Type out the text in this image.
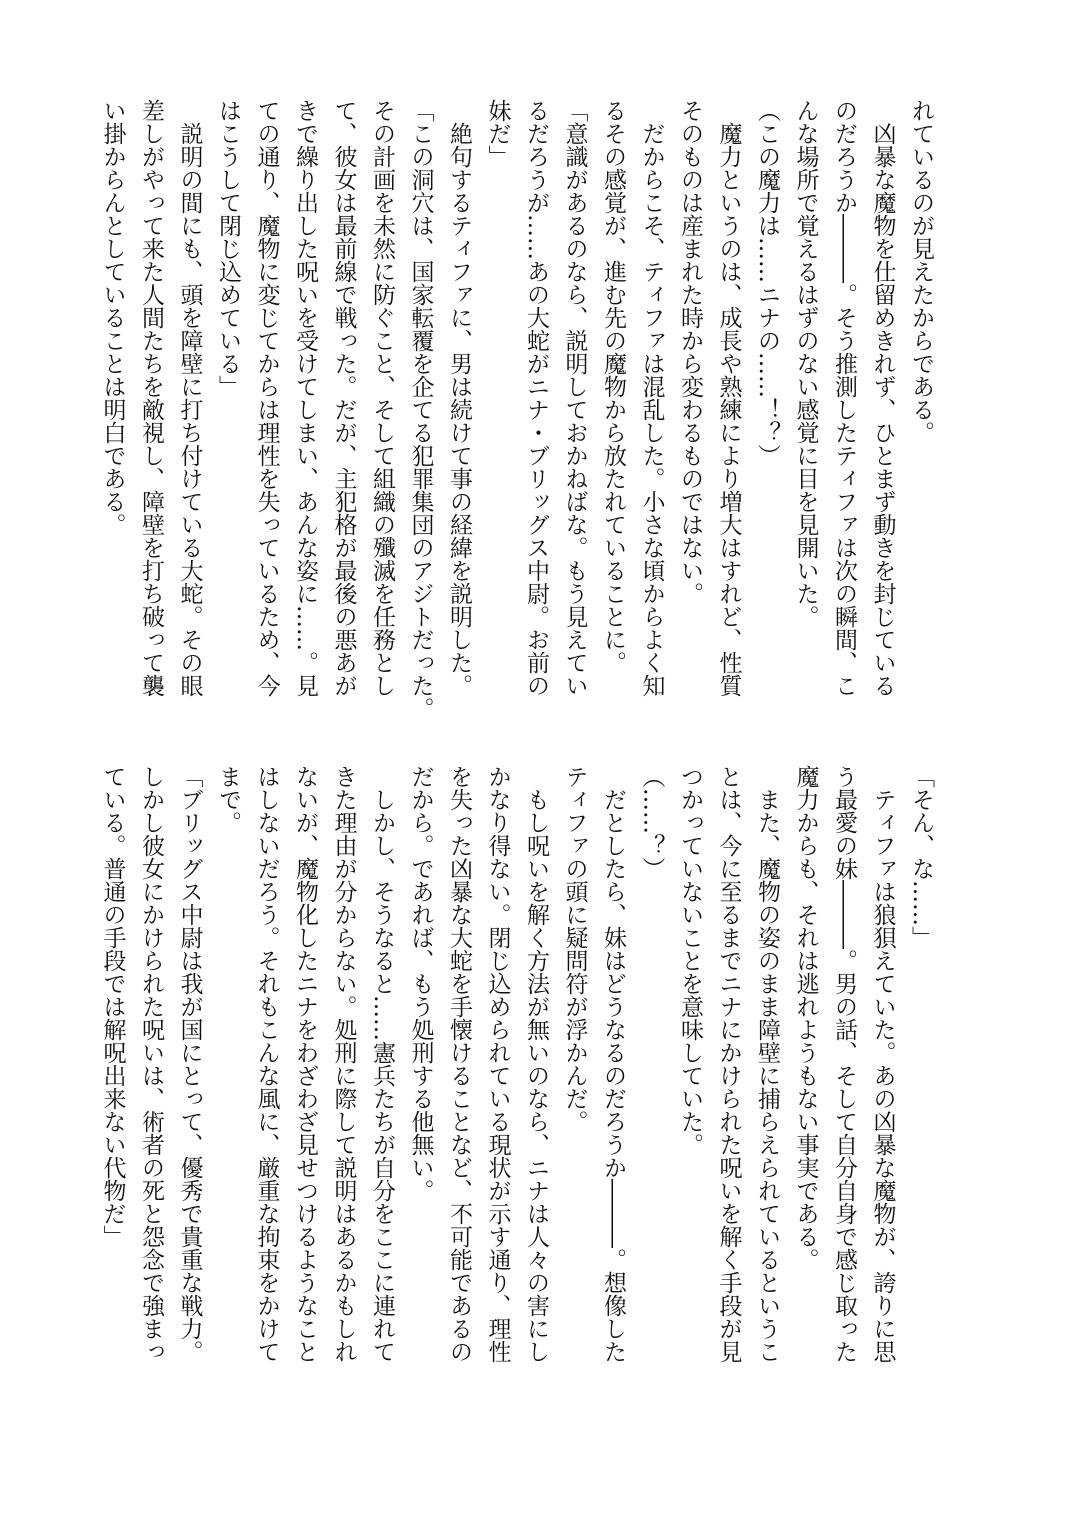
れているのが見えたからである。
　凶暴な魔物を仕留めきれず、ひとまず動きを封じている
のだろうか―――。そう推測したティファは次の瞬間、こ
んな場所で覚えるはずのない感覚に目を見開いた。
（この魔力は……ニナの……！？）
　魔力というのは、成長や熟練により増大はすれど、性質
そのものは産まれた時から変わるものではない。
　だからこそ、ティファは混乱した。小さな頃からよく知
るその感覚が、進む先の魔物から放たれていることに。
「意識があるのなら、説明しておかねばな。もう見えてい
るだろうが……あの大蛇がニナ・ブリッグス中尉。お前の
妹だ」
　絶句するティファに、男は続けて事の経緯を説明した。
「この洞穴は、国家転覆を企てる犯罪集団のアジトだった。
その計画を未然に防ぐこと、そして組織の殲滅を任務とし
て、彼女は最前線で戦った。だが、主犯格が最後の悪あが
きで繰り出した呪いを受けてしまい、あんな姿に……。見
ての通り、魔物に変じてからは理性を失っているため、今
はこうして閉じ込めている」
　説明の間にも、頭を障壁に打ち付けている大蛇。その眼
差しがやって来た人間たちを敵視し、障壁を打ち破って襲
い掛からんとしていることは明白である。
「そん、な……」
　ティファは狼狽えていた。あの凶暴な魔物が、誇りに思
う最愛の妹―――。男の話、そして自分自身で感じ取った
魔力からも、それは逃れようもない事実である。
　また、魔物の姿のまま障壁に捕らえられているというこ
とは、今に至るまでニナにかけられた呪いを解く手段が見
つかっていないことを意味していた。
（……？）
　だとしたら、妹はどうなるのだろうか―――。想像した
ティファの頭に疑問符が浮かんだ。
　もし呪いを解く方法が無いのなら、ニナは人々の害にし
かなり得ない。閉じ込められている現状が示す通り、理性
を失った凶暴な大蛇を手懐けることなど、不可能であるの
だから。であれば、もう処刑する他無い。
　しかし、そうなると……憲兵たちが自分をここに連れて
きた理由が分からない。処刑に際して説明はあるかもしれ
ないが、魔物化したニナをわざわざ見せつけるようなこと
はしないだろう。それもこんな風に、厳重な拘束をかけて
まで。
「ブリッグス中尉は我が国にとって、優秀で貴重な戦力。
しかし彼女にかけられた呪いは、術者の死と怨念で強まっ
ている。普通の手段では解呪出来ない代物だ」
